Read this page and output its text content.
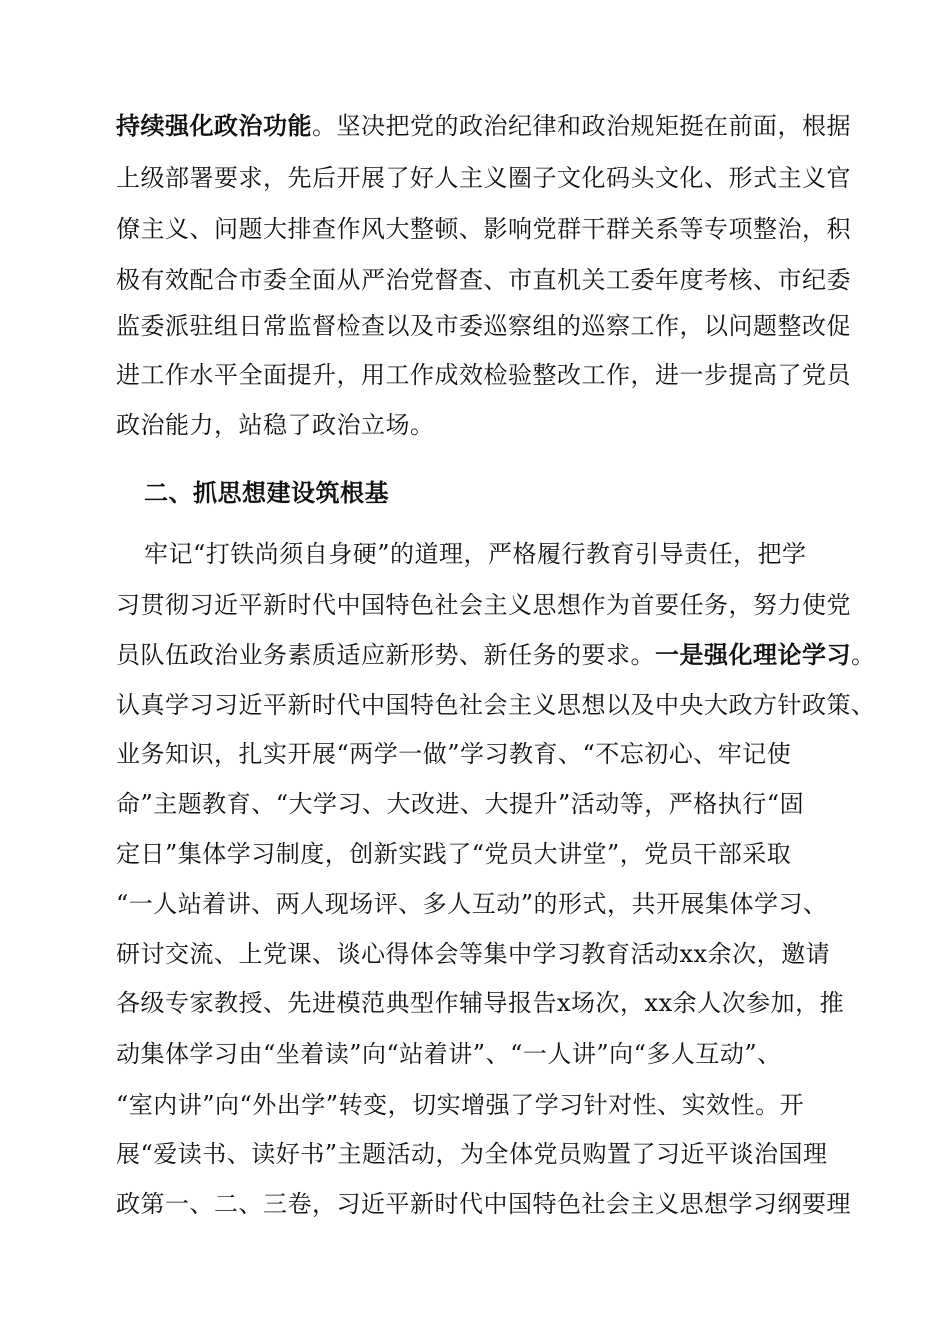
持续强化政治功能。坚决把党的政治纪律和政治规矩挺在前面，根据
上级部署要求，先后开展了好人主义圈子文化码头文化、形式主义官
僚主义、问题大排查作风大整顿、影响党群干群关系等专项整治，积
极有效配合市委全面从严治党督查、市直机关工委年度考核、市纪委
监委派驻组日常监督检查以及市委巡察组的巡察工作，以问题整改促
进工作水平全面提升，用工作成效检验整改工作，进一步提高了党员
政治能力，站稳了政治立场。
二、抓思想建设筑根基
牢记“打铁尚须自身硬”的道理，严格履行教育引导责任，把学
习贯彻习近平新时代中国特色社会主义思想作为首要任务，努力使党
员队伍政治业务素质适应新形势、新任务的要求。一是强化理论学习。
认真学习习近平新时代中国特色社会主义思想以及中央大政方针政策、
业务知识，扎实开展“两学一做”学习教育、“不忘初心、牢记使
命”主题教育、“大学习、大改进、大提升”活动等，严格执行“固
定日”集体学习制度，创新实践了“党员大讲堂”，党员干部采取
“一人站着讲、两人现场评、多人互动”的形式，共开展集体学习、
研讨交流、上党课、谈心得体会等集中学习教育活动xx余次，邀请
各级专家教授、先进模范典型作辅导报告x场次，xx余人次参加，推
动集体学习由“坐着读”向“站着讲”、“一人讲”向“多人互动”、
“室内讲”向“外出学”转变，切实增强了学习针对性、实效性。开
展“爱读书、读好书”主题活动，为全体党员购置了习近平谈治国理
政第一、二、三卷，习近平新时代中国特色社会主义思想学习纲要理
